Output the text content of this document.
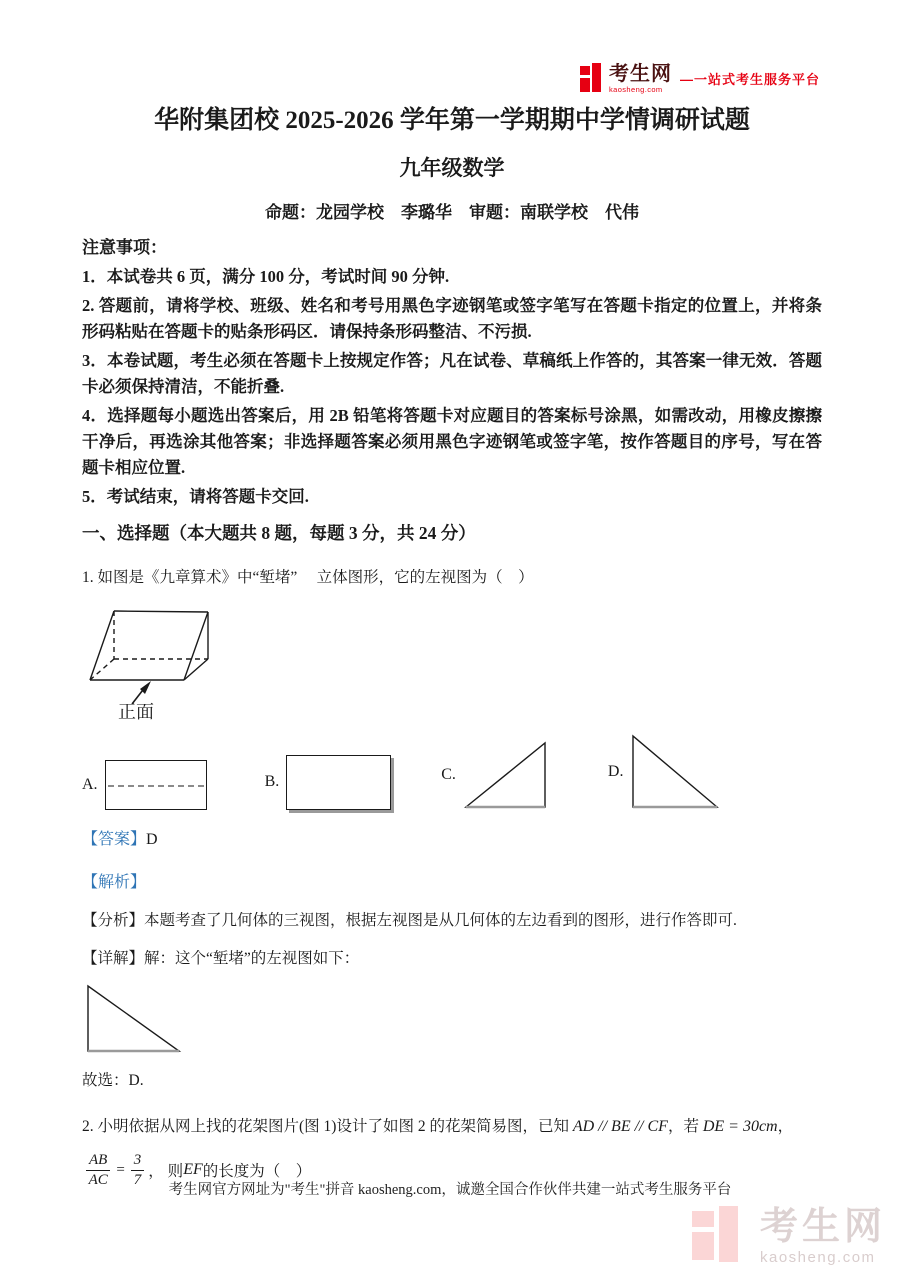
考生网
kaosheng.com
—一站式考生服务平台
华附集团校 2025-2026 学年第一学期期中学情调研试题
九年级数学
命题：龙园学校　李璐华　审题：南联学校　代伟

注意事项：

1．本试卷共 6 页，满分 100 分，考试时间 90 分钟.

2. 答题前，请将学校、班级、姓名和考号用黑色字迹钢笔或签字笔写在答题卡指定的位置上，并将条形码粘贴在答题卡的贴条形码区．请保持条形码整洁、不污损.

3．本卷试题，考生必须在答题卡上按规定作答；凡在试卷、草稿纸上作答的，其答案一律无效．答题卡必须保持清洁，不能折叠.

4．选择题每小题选出答案后，用 2B 铅笔将答题卡对应题目的答案标号涂黑，如需改动，用橡皮擦擦干净后，再选涂其他答案；非选择题答案必须用黑色字迹钢笔或签字笔，按作答题目的序号，写在答题卡相应位置.

5．考试结束，请将答题卡交回.

一、选择题（本大题共 8 题，每题 3 分，共 24 分）

1. 如图是《九章算术》中“堑堵”　 立体图形，它的左视图为（　）

正面
A.	B.	C.	D.

【答案】D

【解析】

【分析】本题考查了几何体的三视图，根据左视图是从几何体的左边看到的图形，进行作答即可.

【详解】解：这个“堑堵”的左视图如下：

故选：D.

2. 小明依据从网上找的花架图片(图 1)设计了如图 2 的花架简易图，已知 AD // BE // CF，若 DE = 30cm，

$\frac{AB}{AC} = \frac{3}{7}$ ， 则 EF 的长度为（　）
考生网官方网址为"考生"拼音 kaosheng.com，诚邀全国合作伙伴共建一站式考生服务平台
考生网
kaosheng.com
